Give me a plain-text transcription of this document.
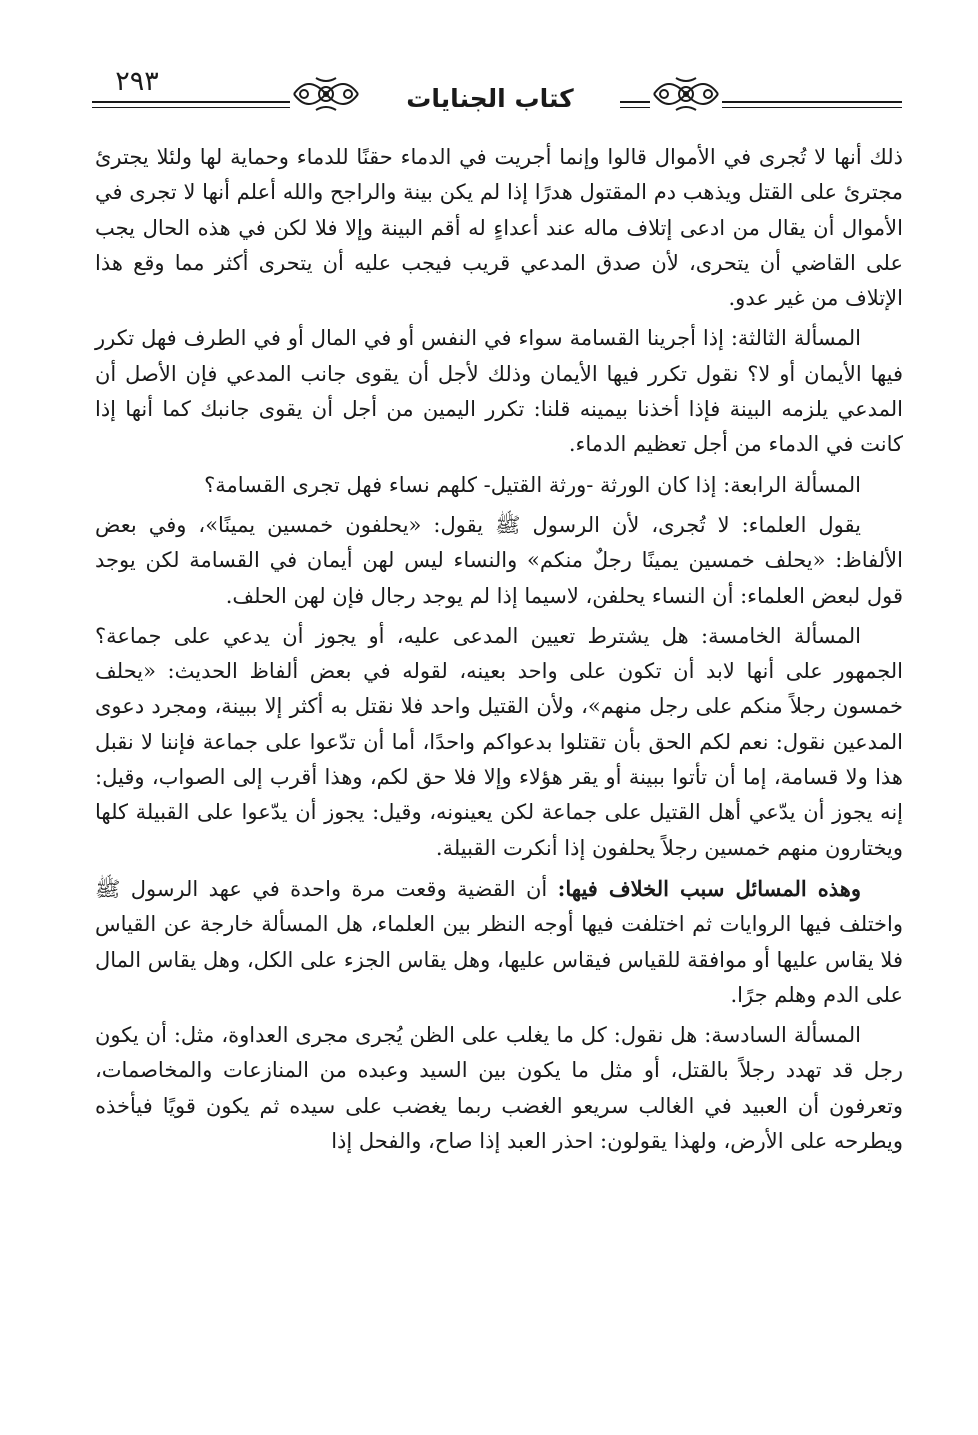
٢٩٣
كتاب الجنايات

ذلك أنها لا تُجرى في الأموال قالوا وإنما أجريت في الدماء حقنًا للدماء وحماية لها ولئلا يجترئ مجترئ على القتل ويذهب دم المقتول هدرًا إذا لم يكن بينة والراجح والله أعلم أنها لا تجرى في الأموال أن يقال من ادعى إتلاف ماله عند أعداءٍ له أقم البينة وإلا فلا لكن في هذه الحال يجب على القاضي أن يتحرى، لأن صدق المدعي قريب فيجب عليه أن يتحرى أكثر مما وقع هذا الإتلاف من غير عدو.

المسألة الثالثة: إذا أجرينا القسامة سواء في النفس أو في المال أو في الطرف فهل تكرر فيها الأيمان أو لا؟ نقول تكرر فيها الأيمان وذلك لأجل أن يقوى جانب المدعي فإن الأصل أن المدعي يلزمه البينة فإذا أخذنا بيمينه قلنا: تكرر اليمين من أجل أن يقوى جانبك كما أنها إذا كانت في الدماء من أجل تعظيم الدماء.

المسألة الرابعة: إذا كان الورثة -ورثة القتيل- كلهم نساء فهل تجرى القسامة؟

يقول العلماء: لا تُجرى، لأن الرسول ﷺ يقول: «يحلفون خمسين يمينًا»، وفي بعض الألفاظ: «يحلف خمسين يمينًا رجلٌ منكم» والنساء ليس لهن أيمان في القسامة لكن يوجد قول لبعض العلماء: أن النساء يحلفن، لاسيما إذا لم يوجد رجال فإن لهن الحلف.

المسألة الخامسة: هل يشترط تعيين المدعى عليه، أو يجوز أن يدعي على جماعة؟ الجمهور على أنها لابد أن تكون على واحد بعينه، لقوله في بعض ألفاظ الحديث: «يحلف خمسون رجلاً منكم على رجل منهم»، ولأن القتيل واحد فلا نقتل به أكثر إلا ببينة، ومجرد دعوى المدعين نقول: نعم لكم الحق بأن تقتلوا بدعواكم واحدًا، أما أن تدّعوا على جماعة فإننا لا نقبل هذا ولا قسامة، إما أن تأتوا ببينة أو يقر هؤلاء وإلا فلا حق لكم، وهذا أقرب إلى الصواب، وقيل: إنه يجوز أن يدّعي أهل القتيل على جماعة لكن يعينونه، وقيل: يجوز أن يدّعوا على القبيلة كلها ويختارون منهم خمسين رجلاً يحلفون إذا أنكرت القبيلة.

وهذه المسائل سبب الخلاف فيها: أن القضية وقعت مرة واحدة في عهد الرسول ﷺ واختلف فيها الروايات ثم اختلفت فيها أوجه النظر بين العلماء، هل المسألة خارجة عن القياس فلا يقاس عليها أو موافقة للقياس فيقاس عليها، وهل يقاس الجزء على الكل، وهل يقاس المال على الدم وهلم جرًا.

المسألة السادسة: هل نقول: كل ما يغلب على الظن يُجرى مجرى العداوة، مثل: أن يكون رجل قد تهدد رجلاً بالقتل، أو مثل ما يكون بين السيد وعبده من المنازعات والمخاصمات، وتعرفون أن العبيد في الغالب سريعو الغضب ربما يغضب على سيده ثم يكون قويًا فيأخذه ويطرحه على الأرض، ولهذا يقولون: احذر العبد إذا صاح، والفحل إذا
